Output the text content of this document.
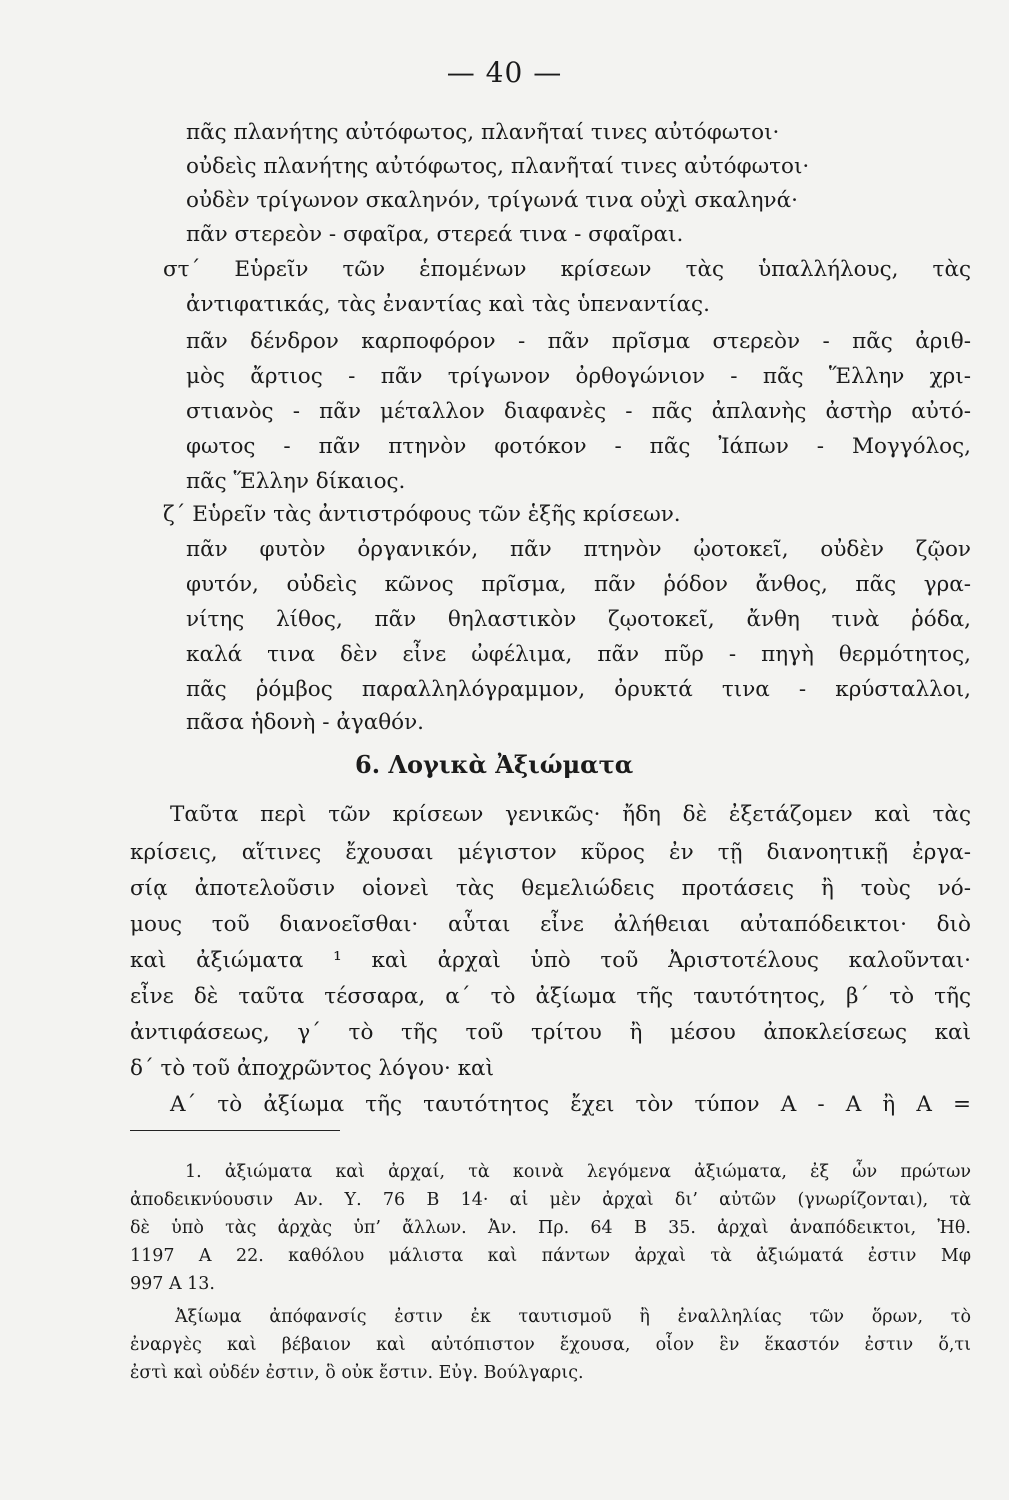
— 40 —
πᾶς πλανήτης αὐτόφωτος, πλανῆταί τινες αὐτόφωτοι·
οὐδεὶς πλανήτης αὐτόφωτος, πλανῆταί τινες αὐτόφωτοι·
οὐδὲν τρίγωνον σκαληνόν, τρίγωνά τινα οὐχὶ σκαληνά·
πᾶν στερεὸν - σφαῖρα, στερεά τινα - σφαῖραι.
στ΄ Εὑρεῖν τῶν ἑπομένων κρίσεων τὰς ὑπαλλήλους, τὰς
ἀντιφατικάς, τὰς ἐναντίας καὶ τὰς ὑπεναντίας.
πᾶν δένδρον καρποφόρον - πᾶν πρῖσμα στερεὸν - πᾶς ἀριθ-
μὸς ἄρτιος - πᾶν τρίγωνον ὀρθογώνιον - πᾶς Ἕλλην χρι-
στιανὸς - πᾶν μέταλλον διαφανὲς - πᾶς ἀπλανὴς ἀστὴρ αὐτό-
φωτος - πᾶν πτηνὸν φοτόκον - πᾶς Ἰάπων - Μογγόλος,
πᾶς Ἕλλην δίκαιος.
ζ΄ Εὑρεῖν τὰς ἀντιστρόφους τῶν ἑξῆς κρίσεων.
πᾶν φυτὸν ὀργανικόν, πᾶν πτηνὸν ᾠοτοκεῖ, οὐδὲν ζῷον
φυτόν, οὐδεὶς κῶνος πρῖσμα, πᾶν ῥόδον ἄνθος, πᾶς γρα-
νίτης λίθος, πᾶν θηλαστικὸν ζῳοτοκεῖ, ἄνθη τινὰ ῥόδα,
καλά τινα δὲν εἶνε ὠφέλιμα, πᾶν πῦρ - πηγὴ θερμότητος,
πᾶς ῥόμβος παραλληλόγραμμον, ὀρυκτά τινα - κρύσταλλοι,
πᾶσα ἡδονὴ - ἀγαθόν.
6. Λογικὰ Ἀξιώματα
Ταῦτα περὶ τῶν κρίσεων γενικῶς· ἤδη δὲ ἐξετάζομεν καὶ τὰς
κρίσεις, αἵτινες ἔχουσαι μέγιστον κῦρος ἐν τῇ διανοητικῇ ἐργα-
σίᾳ ἀποτελοῦσιν οἱονεὶ τὰς θεμελιώδεις προτάσεις ἢ τοὺς νό-
μους τοῦ διανοεῖσθαι· αὗται εἶνε ἀλήθειαι αὐταπόδεικτοι· διὸ
καὶ ἀξιώματα ¹ καὶ ἀρχαὶ ὑπὸ τοῦ Ἀριστοτέλους καλοῦνται·
εἶνε δὲ ταῦτα τέσσαρα, α΄ τὸ ἀξίωμα τῆς ταυτότητος, β΄ τὸ τῆς
ἀντιφάσεως, γ΄ τὸ τῆς τοῦ τρίτου ἢ μέσου ἀποκλείσεως καὶ
δ΄ τὸ τοῦ ἀποχρῶντος λόγου· καὶ
Α΄ τὸ ἀξίωμα τῆς ταυτότητος ἔχει τὸν τύπον Α - Α ἢ Α =
1. ἀξιώματα καὶ ἀρχαί, τὰ κοινὰ λεγόμενα ἀξιώματα, ἐξ ὧν πρώτων
ἀποδεικνύουσιν Αν. Υ. 76 Β 14· αἱ μὲν ἀρχαὶ δι’ αὐτῶν (γνωρίζονται), τὰ
δὲ ὑπὸ τὰς ἀρχὰς ὑπ’ ἄλλων. Ἀν. Πρ. 64 Β 35. ἀρχαὶ ἀναπόδεικτοι, Ἠθ.
1197 Α 22. καθόλου μάλιστα καὶ πάντων ἀρχαὶ τὰ ἀξιώματά ἐστιν Μφ
997 Α 13.
Ἀξίωμα ἀπόφανσίς ἐστιν ἐκ ταυτισμοῦ ἢ ἐναλληλίας τῶν ὅρων, τὸ
ἐναργὲς καὶ βέβαιον καὶ αὐτόπιστον ἔχουσα, οἷον ἓν ἕκαστόν ἐστιν ὅ,τι
ἐστὶ καὶ οὐδέν ἐστιν, ὃ οὐκ ἔστιν. Εὐγ. Βούλγαρις.
